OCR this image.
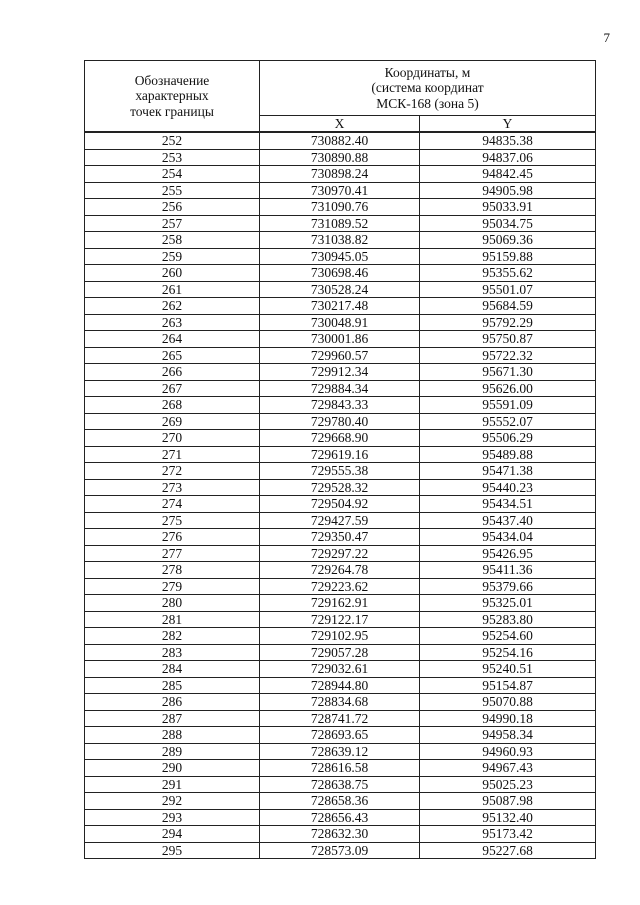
7
Обозначение
характерных
точек границы	Координаты, м
(система координат
МСК-168 (зона 5)	

	X	Y
252	730882.40	94835.38
253	730890.88	94837.06
254	730898.24	94842.45
255	730970.41	94905.98
256	731090.76	95033.91
257	731089.52	95034.75
258	731038.82	95069.36
259	730945.05	95159.88
260	730698.46	95355.62
261	730528.24	95501.07
262	730217.48	95684.59
263	730048.91	95792.29
264	730001.86	95750.87
265	729960.57	95722.32
266	729912.34	95671.30
267	729884.34	95626.00
268	729843.33	95591.09
269	729780.40	95552.07
270	729668.90	95506.29
271	729619.16	95489.88
272	729555.38	95471.38
273	729528.32	95440.23
274	729504.92	95434.51
275	729427.59	95437.40
276	729350.47	95434.04
277	729297.22	95426.95
278	729264.78	95411.36
279	729223.62	95379.66
280	729162.91	95325.01
281	729122.17	95283.80
282	729102.95	95254.60
283	729057.28	95254.16
284	729032.61	95240.51
285	728944.80	95154.87
286	728834.68	95070.88
287	728741.72	94990.18
288	728693.65	94958.34
289	728639.12	94960.93
290	728616.58	94967.43
291	728638.75	95025.23
292	728658.36	95087.98
293	728656.43	95132.40
294	728632.30	95173.42
295	728573.09	95227.68
